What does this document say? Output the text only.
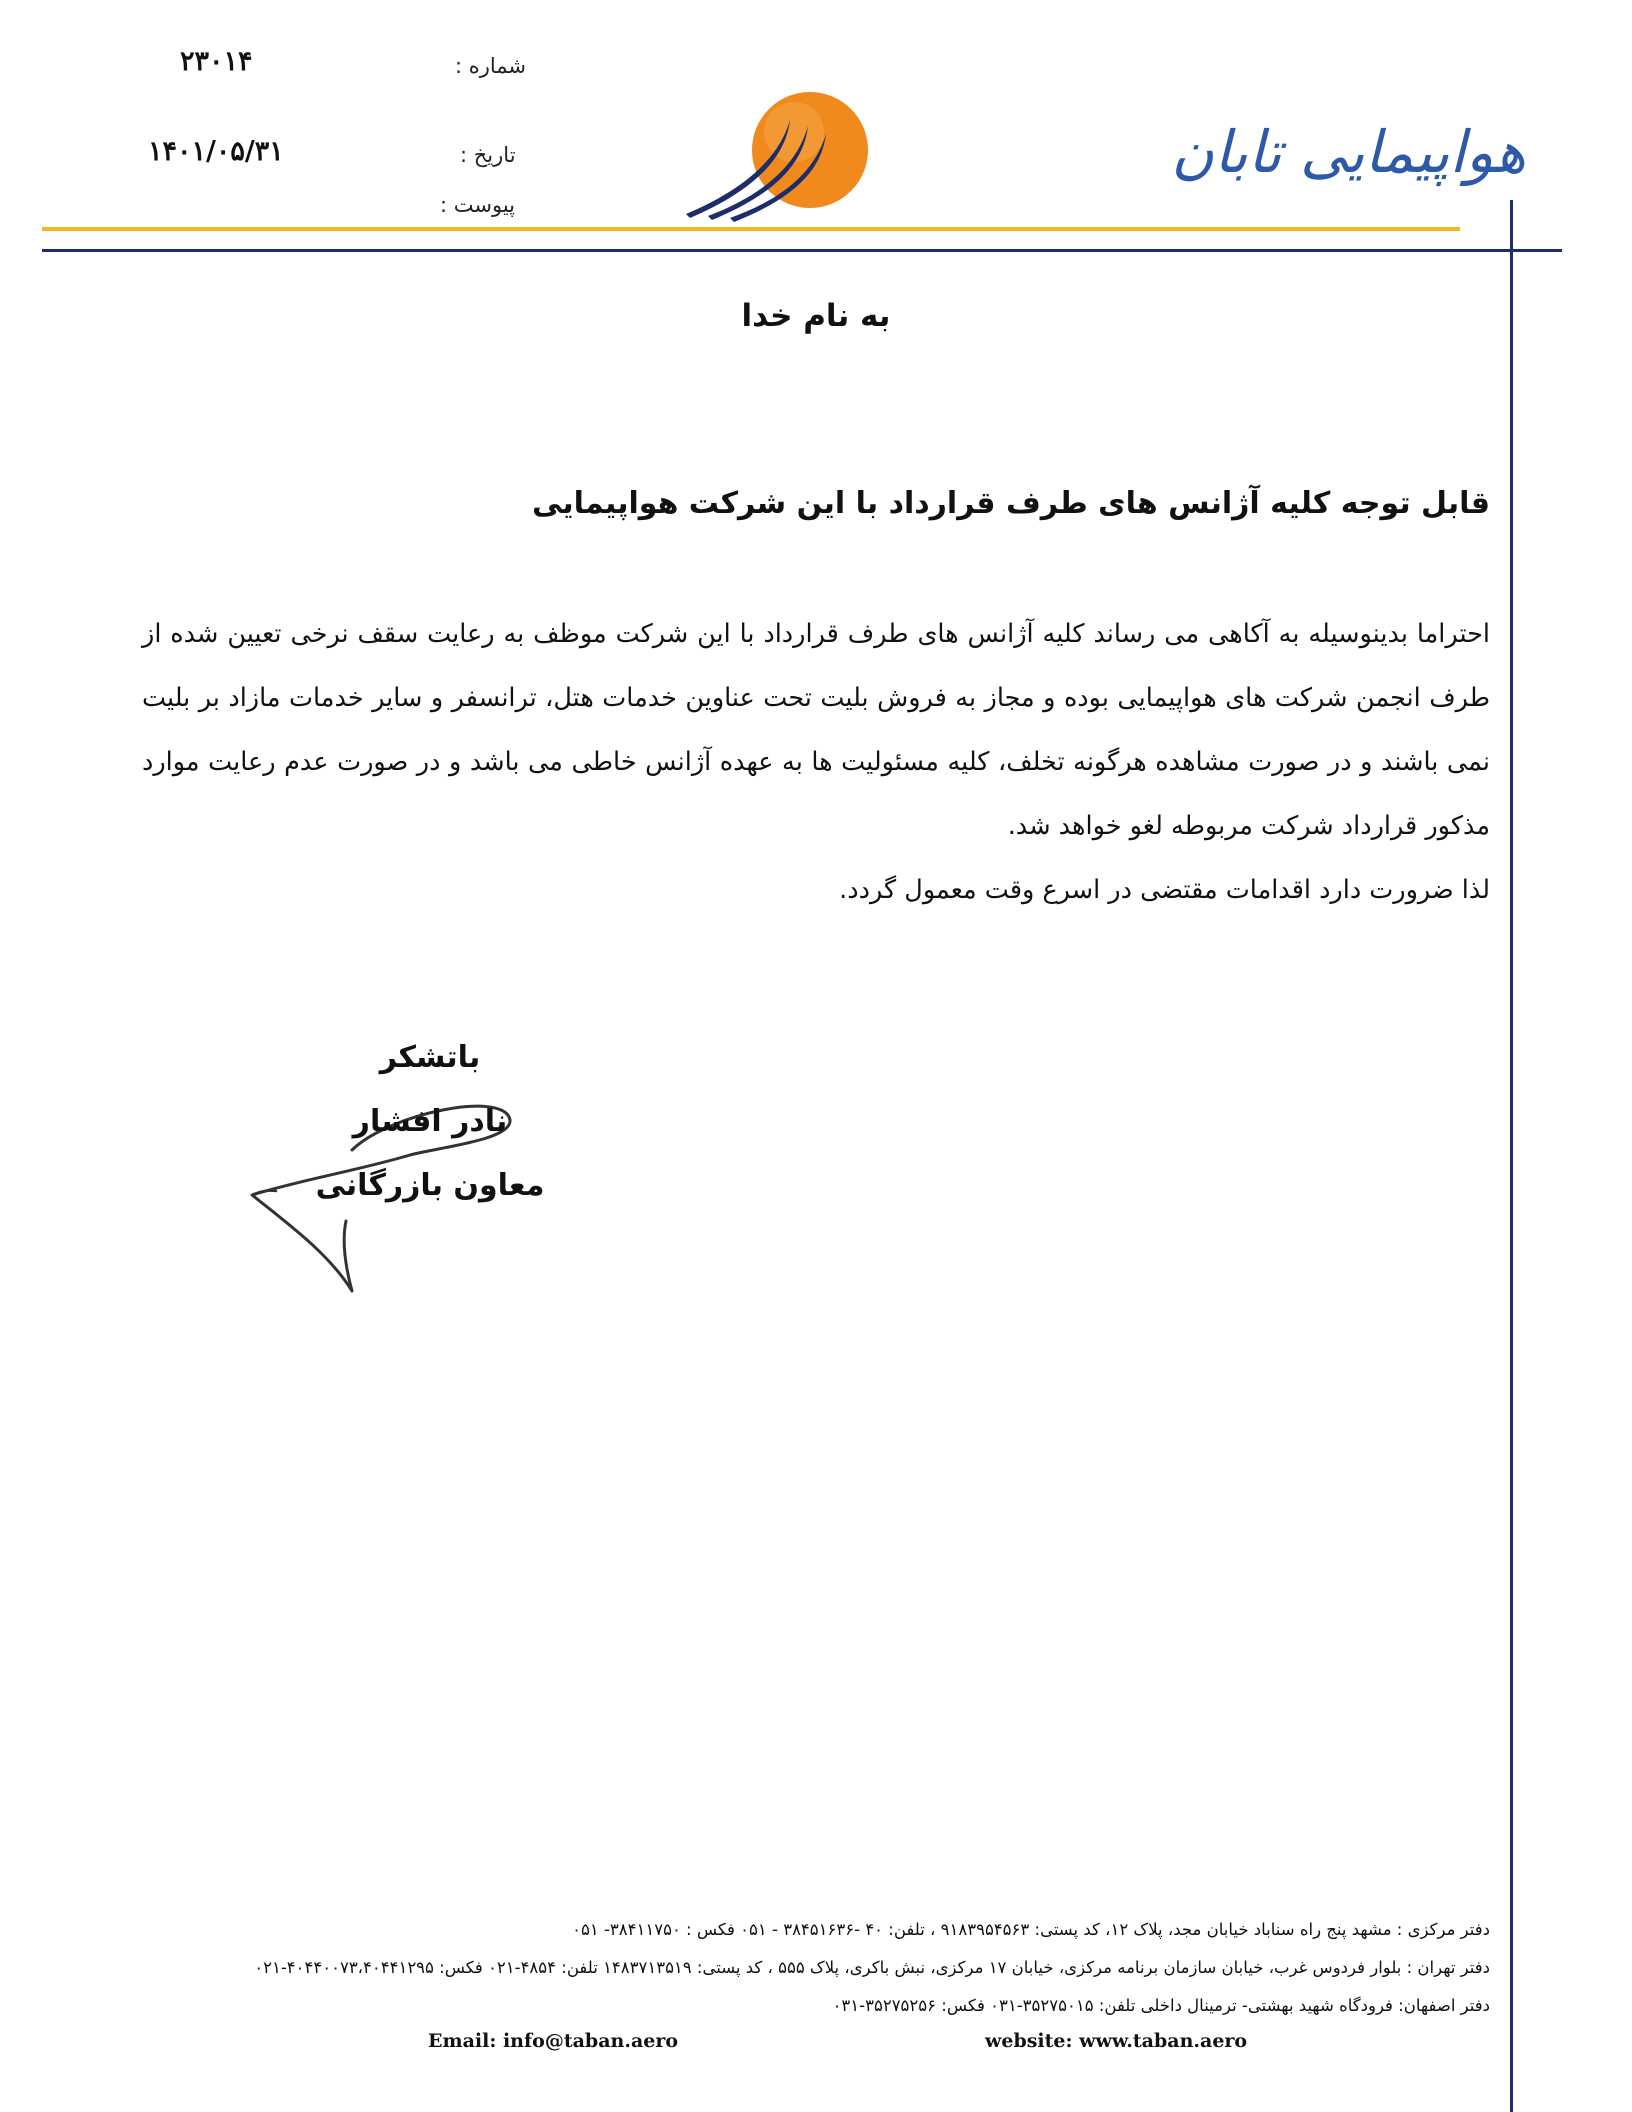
۲۳۰۱۴	شماره :
۱۴۰۱/۰۵/۳۱	تاریخ :
پیوست :
هواپیمایی تابان
به نام خدا
قابل توجه کلیه آژانس های طرف قرارداد با این شرکت هواپیمایی

احتراما بدینوسیله به آکاهی می رساند کلیه آژانس های طرف قرارداد با این شرکت موظف به رعایت سقف نرخی تعیین شده از طرف انجمن شرکت های هواپیمایی بوده و مجاز به فروش بلیت تحت عناوین خدمات هتل، ترانسفر و سایر خدمات مازاد بر بلیت نمی باشند و در صورت مشاهده هرگونه تخلف، کلیه مسئولیت ها به عهده آژانس خاطی می باشد و در صورت عدم رعایت موارد مذکور قرارداد شرکت مربوطه لغو خواهد شد.

لذا ضرورت دارد اقدامات مقتضی در اسرع وقت معمول گردد.

باتشکر
نادر افشار
معاون بازرگانی
دفتر مرکزی : مشهد پنج راه سناباد خیابان مجد، پلاک ۱۲، کد پستی: ۹۱۸۳۹۵۴۵۶۳ ، تلفن: ۴۰ -۳۸۴۵۱۶۳۶ - ۰۵۱ فکس : ۳۸۴۱۱۷۵۰- ۰۵۱
دفتر تهران : بلوار فردوس غرب، خیابان سازمان برنامه مرکزی، خیابان ۱۷ مرکزی، نبش باکری، پلاک ۵۵۵ ، کد پستی: ۱۴۸۳۷۱۳۵۱۹ تلفن: ۴۸۵۴-۰۲۱ فکس: ۴۰۴۴۰۰۷۳،۴۰۴۴۱۲۹۵-۰۲۱
دفتر اصفهان: فرودگاه شهید بهشتی- ترمینال داخلی تلفن: ۳۵۲۷۵۰۱۵-۰۳۱ فکس: ۳۵۲۷۵۲۵۶-۰۳۱
Email: info@taban.aero	website: www.taban.aero
